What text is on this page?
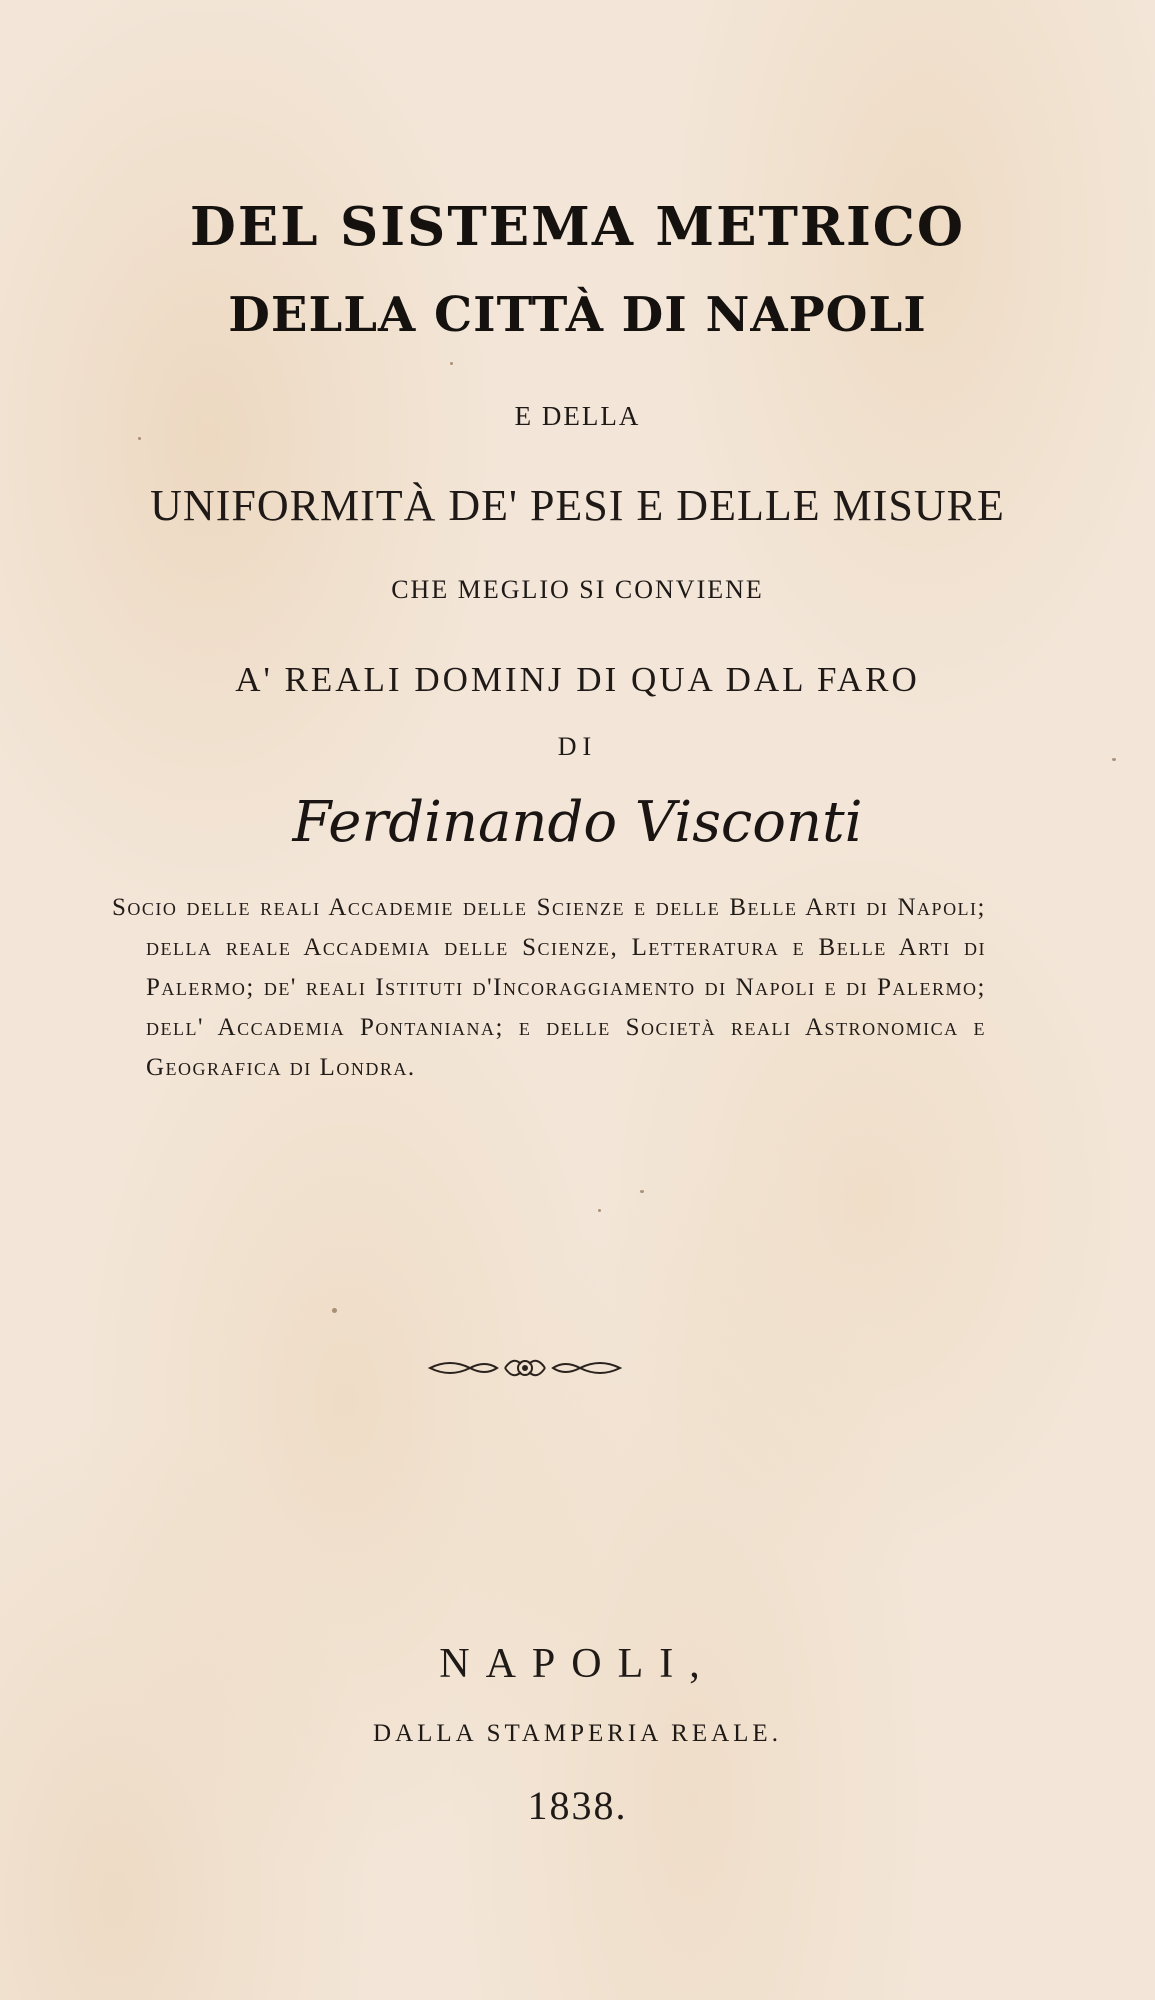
DEL SISTEMA METRICO
DELLA CITTÀ DI NAPOLI
E DELLA
UNIFORMITÀ DE' PESI E DELLE MISURE
CHE MEGLIO SI CONVIENE
A' REALI DOMINJ DI QUA DAL FARO
DI
Ferdinando Visconti
Socio delle reali Accademie delle Scienze e delle Belle Arti di Napoli; della reale Accademia delle Scienze, Letteratura e Belle Arti di Palermo; de' reali Istituti d'Incoraggiamento di Napoli e di Palermo; dell' Accademia Pontaniana; e delle Società reali Astronomica e Geografica di Londra.
NAPOLI,
DALLA STAMPERIA REALE.
1838.
